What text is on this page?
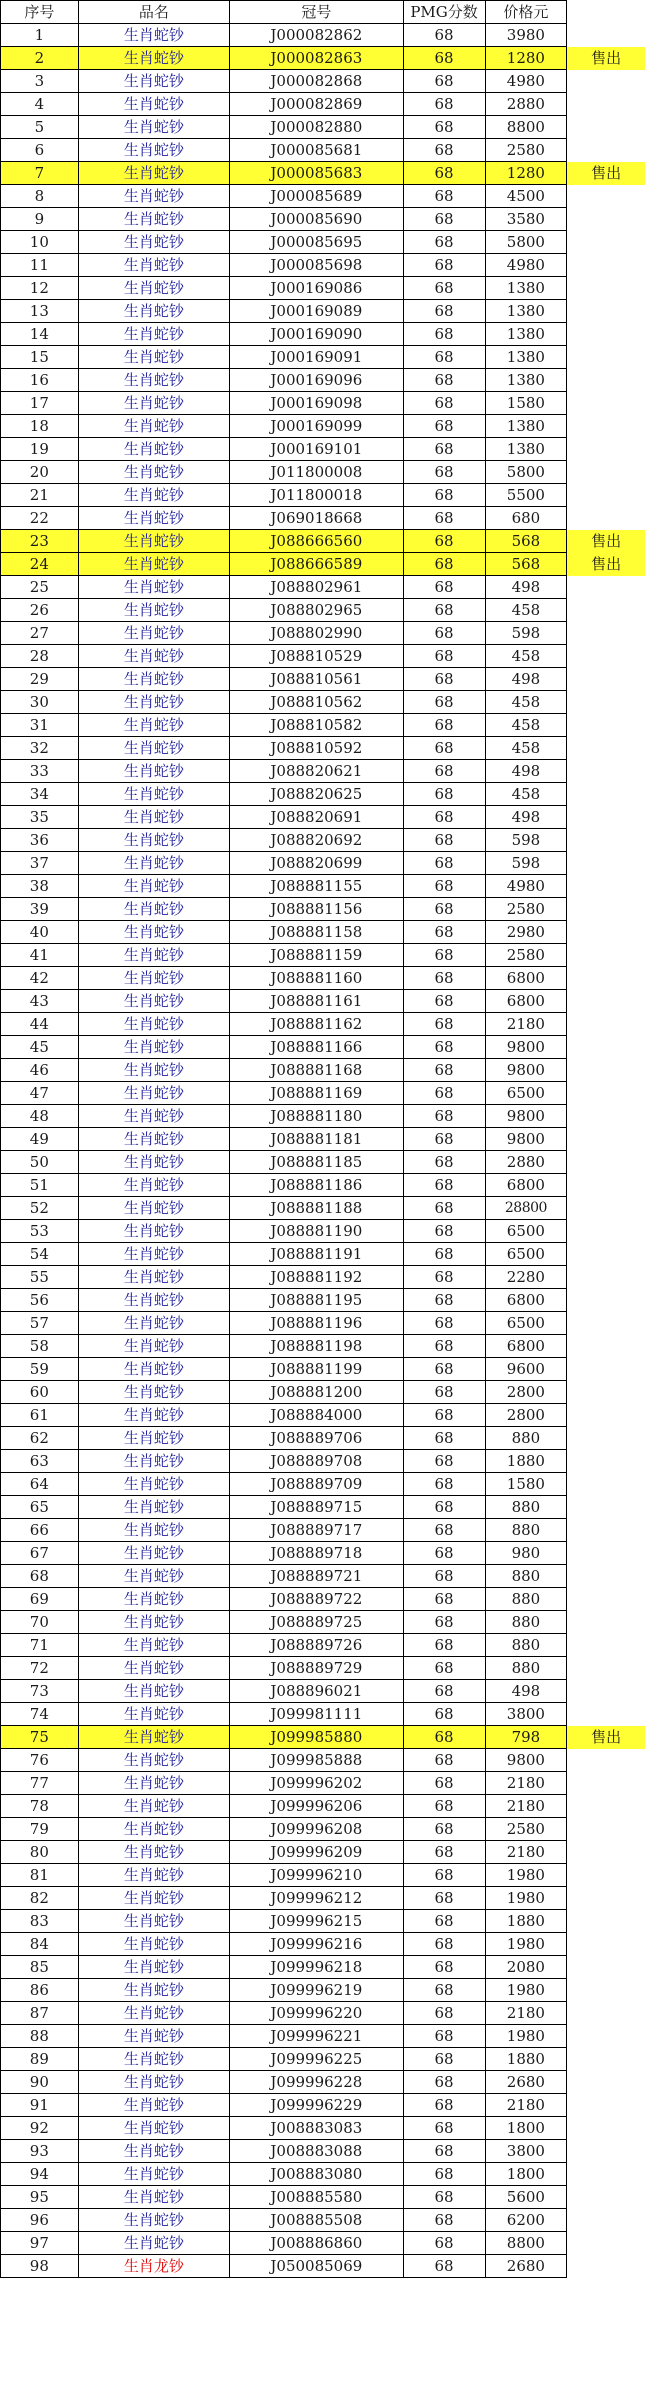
序号	品名	冠号	PMG分数	价格元	
1	生肖蛇钞	J000082862	68	3980	
2	生肖蛇钞	J000082863	68	1280	售出
3	生肖蛇钞	J000082868	68	4980	
4	生肖蛇钞	J000082869	68	2880	
5	生肖蛇钞	J000082880	68	8800	
6	生肖蛇钞	J000085681	68	2580	
7	生肖蛇钞	J000085683	68	1280	售出
8	生肖蛇钞	J000085689	68	4500	
9	生肖蛇钞	J000085690	68	3580	
10	生肖蛇钞	J000085695	68	5800	
11	生肖蛇钞	J000085698	68	4980	
12	生肖蛇钞	J000169086	68	1380	
13	生肖蛇钞	J000169089	68	1380	
14	生肖蛇钞	J000169090	68	1380	
15	生肖蛇钞	J000169091	68	1380	
16	生肖蛇钞	J000169096	68	1380	
17	生肖蛇钞	J000169098	68	1580	
18	生肖蛇钞	J000169099	68	1380	
19	生肖蛇钞	J000169101	68	1380	
20	生肖蛇钞	J011800008	68	5800	
21	生肖蛇钞	J011800018	68	5500	
22	生肖蛇钞	J069018668	68	680	
23	生肖蛇钞	J088666560	68	568	售出
24	生肖蛇钞	J088666589	68	568	售出
25	生肖蛇钞	J088802961	68	498	
26	生肖蛇钞	J088802965	68	458	
27	生肖蛇钞	J088802990	68	598	
28	生肖蛇钞	J088810529	68	458	
29	生肖蛇钞	J088810561	68	498	
30	生肖蛇钞	J088810562	68	458	
31	生肖蛇钞	J088810582	68	458	
32	生肖蛇钞	J088810592	68	458	
33	生肖蛇钞	J088820621	68	498	
34	生肖蛇钞	J088820625	68	458	
35	生肖蛇钞	J088820691	68	498	
36	生肖蛇钞	J088820692	68	598	
37	生肖蛇钞	J088820699	68	598	
38	生肖蛇钞	J088881155	68	4980	
39	生肖蛇钞	J088881156	68	2580	
40	生肖蛇钞	J088881158	68	2980	
41	生肖蛇钞	J088881159	68	2580	
42	生肖蛇钞	J088881160	68	6800	
43	生肖蛇钞	J088881161	68	6800	
44	生肖蛇钞	J088881162	68	2180	
45	生肖蛇钞	J088881166	68	9800	
46	生肖蛇钞	J088881168	68	9800	
47	生肖蛇钞	J088881169	68	6500	
48	生肖蛇钞	J088881180	68	9800	
49	生肖蛇钞	J088881181	68	9800	
50	生肖蛇钞	J088881185	68	2880	
51	生肖蛇钞	J088881186	68	6800	
52	生肖蛇钞	J088881188	68	28800	
53	生肖蛇钞	J088881190	68	6500	
54	生肖蛇钞	J088881191	68	6500	
55	生肖蛇钞	J088881192	68	2280	
56	生肖蛇钞	J088881195	68	6800	
57	生肖蛇钞	J088881196	68	6500	
58	生肖蛇钞	J088881198	68	6800	
59	生肖蛇钞	J088881199	68	9600	
60	生肖蛇钞	J088881200	68	2800	
61	生肖蛇钞	J088884000	68	2800	
62	生肖蛇钞	J088889706	68	880	
63	生肖蛇钞	J088889708	68	1880	
64	生肖蛇钞	J088889709	68	1580	
65	生肖蛇钞	J088889715	68	880	
66	生肖蛇钞	J088889717	68	880	
67	生肖蛇钞	J088889718	68	980	
68	生肖蛇钞	J088889721	68	880	
69	生肖蛇钞	J088889722	68	880	
70	生肖蛇钞	J088889725	68	880	
71	生肖蛇钞	J088889726	68	880	
72	生肖蛇钞	J088889729	68	880	
73	生肖蛇钞	J088896021	68	498	
74	生肖蛇钞	J099981111	68	3800	
75	生肖蛇钞	J099985880	68	798	售出
76	生肖蛇钞	J099985888	68	9800	
77	生肖蛇钞	J099996202	68	2180	
78	生肖蛇钞	J099996206	68	2180	
79	生肖蛇钞	J099996208	68	2580	
80	生肖蛇钞	J099996209	68	2180	
81	生肖蛇钞	J099996210	68	1980	
82	生肖蛇钞	J099996212	68	1980	
83	生肖蛇钞	J099996215	68	1880	
84	生肖蛇钞	J099996216	68	1980	
85	生肖蛇钞	J099996218	68	2080	
86	生肖蛇钞	J099996219	68	1980	
87	生肖蛇钞	J099996220	68	2180	
88	生肖蛇钞	J099996221	68	1980	
89	生肖蛇钞	J099996225	68	1880	
90	生肖蛇钞	J099996228	68	2680	
91	生肖蛇钞	J099996229	68	2180	
92	生肖蛇钞	J008883083	68	1800	
93	生肖蛇钞	J008883088	68	3800	
94	生肖蛇钞	J008883080	68	1800	
95	生肖蛇钞	J008885580	68	5600	
96	生肖蛇钞	J008885508	68	6200	
97	生肖蛇钞	J008886860	68	8800	
98	生肖龙钞	J050085069	68	2680	
